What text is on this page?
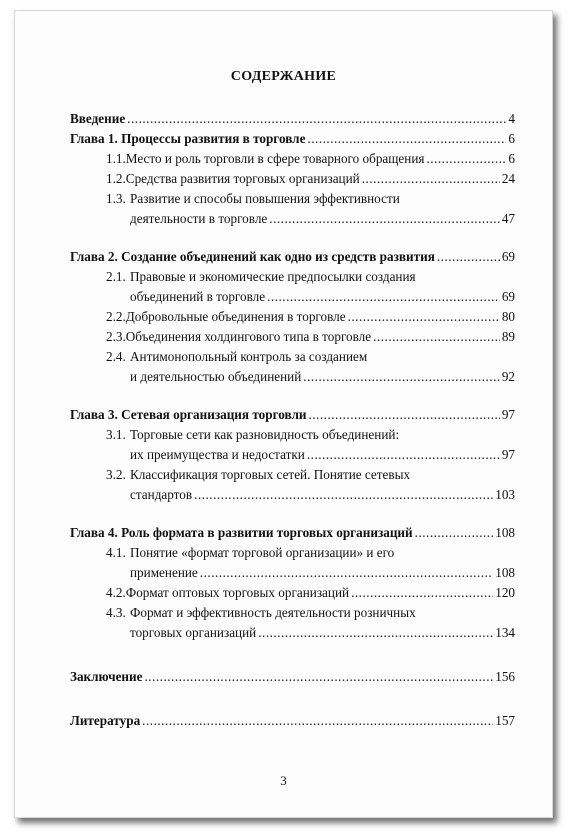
СОДЕРЖАНИЕ
Введение .....	4
Глава 1. Процессы развития в торговле .....	6
1.1. Место и роль торговли в сфере товарного обращения .....	6
1.2. Средства развития торговых организаций .....	24
1.3. Развитие и способы повышения эффективности
деятельности в торговле .....	47
Глава 2. Создание объединений как одно из средств развития .....	69
2.1. Правовые и экономические предпосылки создания
объединений в торговле .....	69
2.2. Добровольные объединения в торговле .....	80
2.3. Объединения холдингового типа в торговле .....	89
2.4. Антимонопольный контроль за созданием
и деятельностью объединений .....	92
Глава 3. Сетевая организация торговли .....	97
3.1. Торговые сети как разновидность объединений:
их преимущества и недостатки .....	97
3.2. Классификация торговых сетей. Понятие сетевых
стандартов .....	103
Глава 4. Роль формата в развитии торговых организаций .....	108
4.1. Понятие «формат торговой организации» и его
применение .....	108
4.2. Формат оптовых торговых организаций .....	120
4.3. Формат и эффективность деятельности розничных
торговых организаций .....	134
Заключение .....	156
Литература .....	157
3
